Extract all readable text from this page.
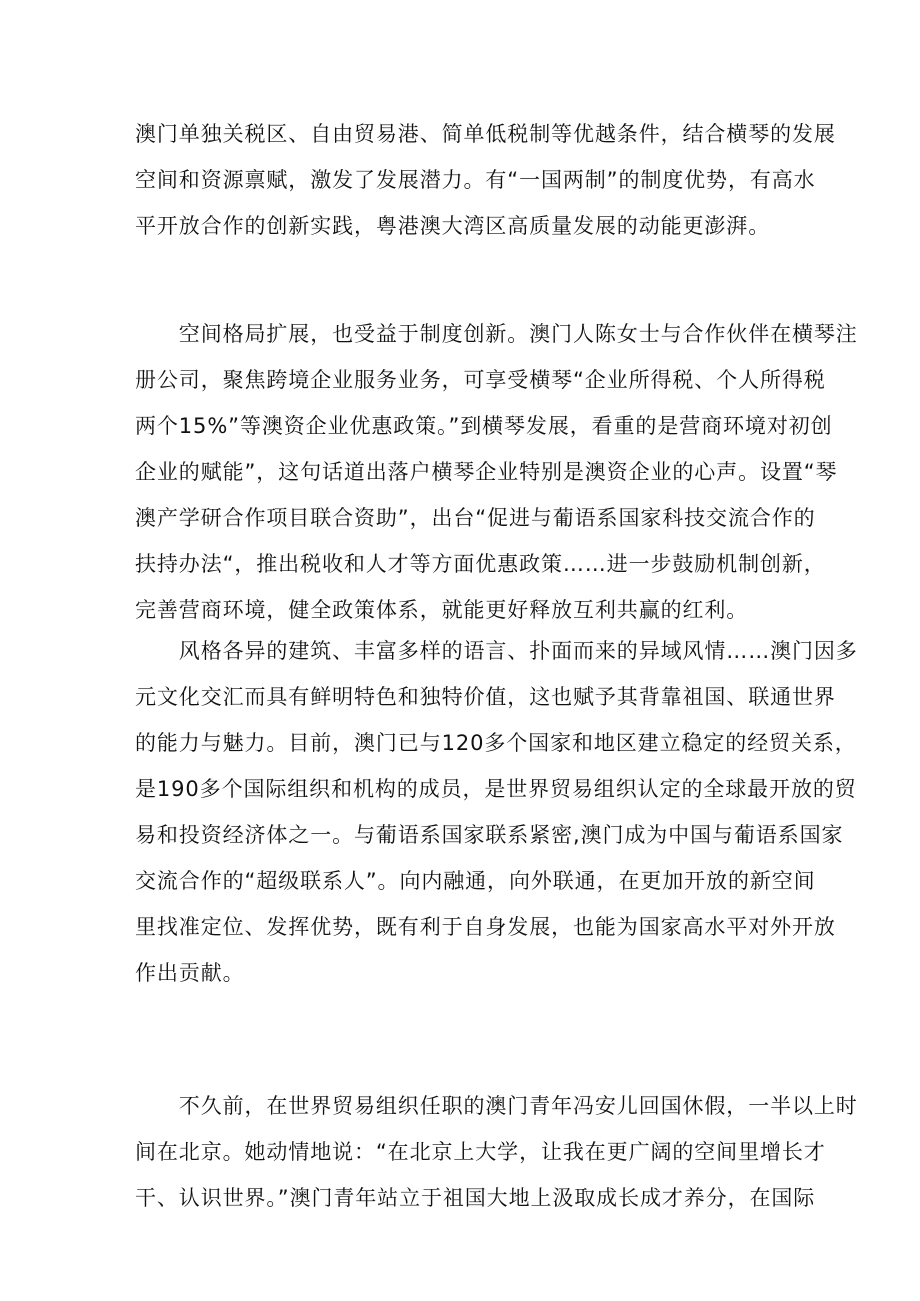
澳门单独关税区、自由贸易港、简单低税制等优越条件，结合横琴的发展
空间和资源禀赋，激发了发展潜力。有“一国两制”的制度优势，有高水
平开放合作的创新实践，粤港澳大湾区高质量发展的动能更澎湃。
　　空间格局扩展，也受益于制度创新。澳门人陈女士与合作伙伴在横琴注
册公司，聚焦跨境企业服务业务，可享受横琴“企业所得税、个人所得税
两个15%”等澳资企业优惠政策。”到横琴发展，看重的是营商环境对初创
企业的赋能”，这句话道出落户横琴企业特别是澳资企业的心声。设置“琴
澳产学研合作项目联合资助”，出台“促进与葡语系国家科技交流合作的
扶持办法“，推出税收和人才等方面优惠政策……进一步鼓励机制创新，
完善营商环境，健全政策体系，就能更好释放互利共赢的红利。
　　风格各异的建筑、丰富多样的语言、扑面而来的异域风情……澳门因多
元文化交汇而具有鲜明特色和独特价值，这也赋予其背靠祖国、联通世界
的能力与魅力。目前，澳门已与120多个国家和地区建立稳定的经贸关系，
是190多个国际组织和机构的成员，是世界贸易组织认定的全球最开放的贸
易和投资经济体之一。与葡语系国家联系紧密,澳门成为中国与葡语系国家
交流合作的“超级联系人”。向内融通，向外联通，在更加开放的新空间
里找准定位、发挥优势，既有利于自身发展，也能为国家高水平对外开放
作出贡献。
　　不久前，在世界贸易组织任职的澳门青年冯安儿回国休假，一半以上时
间在北京。她动情地说：“在北京上大学，让我在更广阔的空间里增长才
干、认识世界。”澳门青年站立于祖国大地上汲取成长成才养分，在国际
